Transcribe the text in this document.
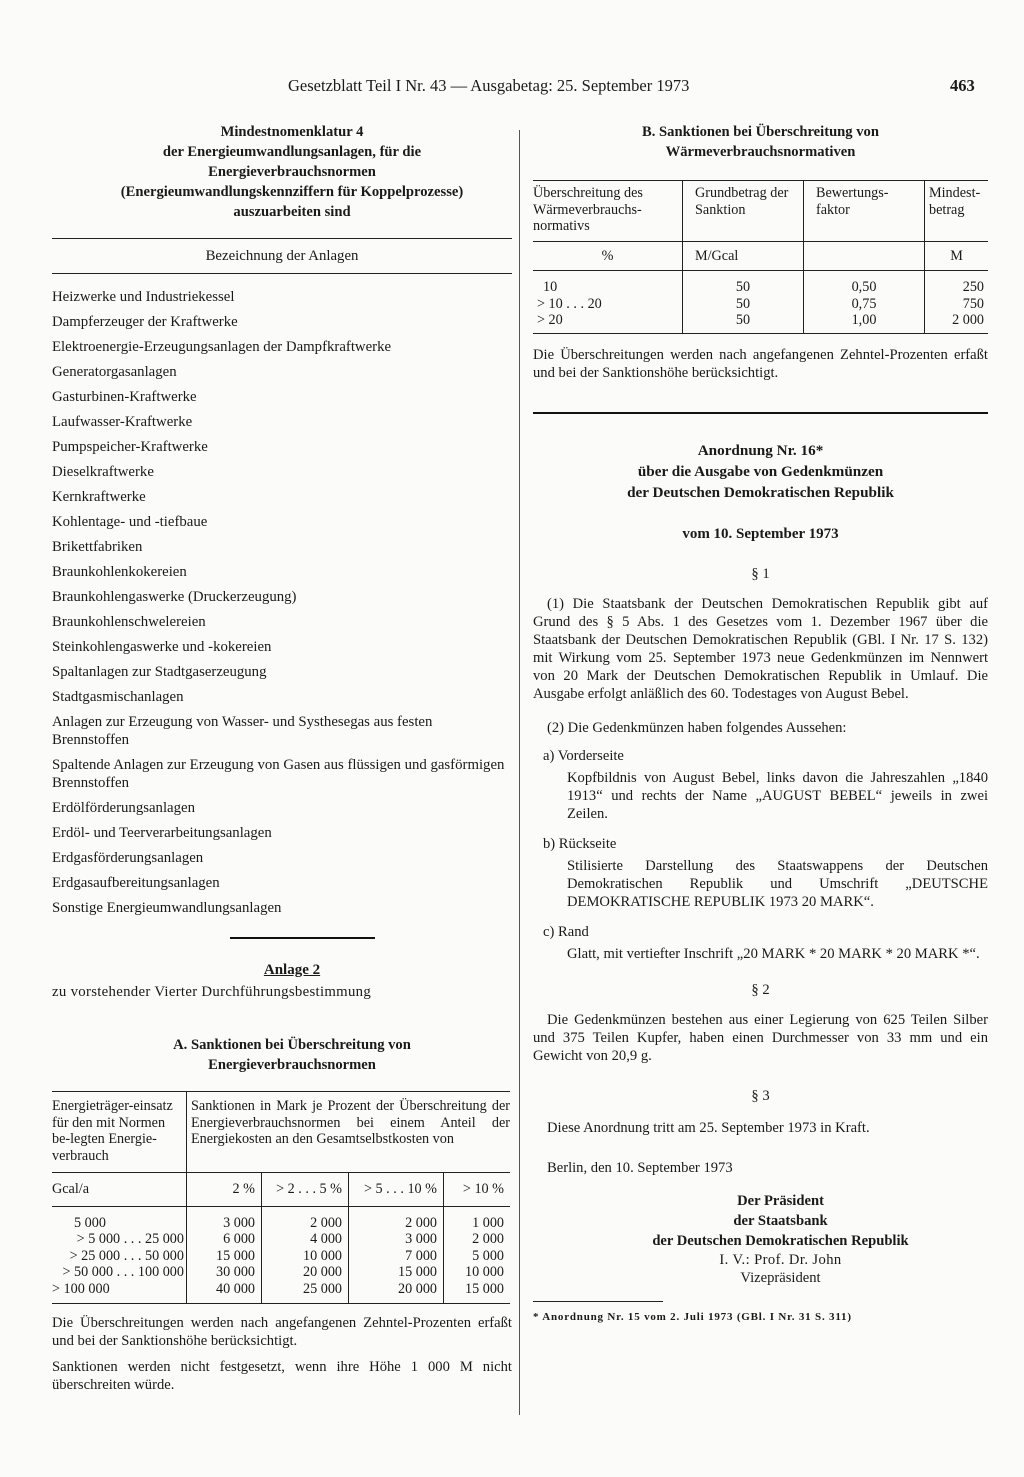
Gesetzblatt Teil I Nr. 43 — Ausgabetag: 25. September 1973	463
Mindestnomenklatur 4
der Energieumwandlungsanlagen, für die
Energieverbrauchsnormen
(Energieumwandlungskennziffern für Koppelprozesse)
auszuarbeiten sind
Bezeichnung der Anlagen
Heizwerke und Industriekessel
Dampferzeuger der Kraftwerke
Elektroenergie-Erzeugungsanlagen der Dampfkraftwerke
Generatorgasanlagen
Gasturbinen-Kraftwerke
Laufwasser-Kraftwerke
Pumpspeicher-Kraftwerke
Dieselkraftwerke
Kernkraftwerke
Kohlentage- und -tiefbaue
Brikettfabriken
Braunkohlenkokereien
Braunkohlengaswerke (Druckerzeugung)
Braunkohlenschwelereien
Steinkohlengaswerke und -kokereien
Spaltanlagen zur Stadtgaserzeugung
Stadtgasmischanlagen
Anlagen zur Erzeugung von Wasser- und Systhesegas aus festen Brennstoffen
Spaltende Anlagen zur Erzeugung von Gasen aus flüssigen und gasförmigen Brennstoffen
Erdölförderungsanlagen
Erdöl- und Teerverarbeitungsanlagen
Erdgasförderungsanlagen
Erdgasaufbereitungsanlagen
Sonstige Energieumwandlungsanlagen
Anlage 2
zu vorstehender Vierter Durchführungsbestimmung
A. Sanktionen bei Überschreitung von
Energieverbrauchsnormen
Energieträger-einsatz für den mit Normen be-legten Energie-verbrauch	Sanktionen in Mark je Prozent der Überschreitung der Energieverbrauchsnormen bei einem Anteil der Energiekosten an den Gesamtselbstkosten von			
Gcal/a	2 %	> 2 . . . 5 %	> 5 . . . 10 %	> 10 %
5 000	3 000	2 000	2 000	1 000
> 5 000 . . . 25 000	6 000	4 000	3 000	2 000
> 25 000 . . . 50 000	15 000	10 000	7 000	5 000
> 50 000 . . . 100 000	30 000	20 000	15 000	10 000
> 100 000	40 000	25 000	20 000	15 000
Die Überschreitungen werden nach angefangenen Zehntel-Prozenten erfaßt und bei der Sanktionshöhe berücksichtigt.
Sanktionen werden nicht festgesetzt, wenn ihre Höhe 1 000 M nicht überschreiten würde.
B. Sanktionen bei Überschreitung von
Wärmeverbrauchsnormativen
Überschreitung des Wärmeverbrauchs-normativs	Grundbetrag der Sanktion	Bewertungs-faktor	Mindest-betrag
%	M/Gcal		M
10	50	0,50	250
> 10 . . . 20	50	0,75	750
> 20	50	1,00	2 000
Die Überschreitungen werden nach angefangenen Zehntel-Prozenten erfaßt und bei der Sanktionshöhe berücksichtigt.
Anordnung Nr. 16*
über die Ausgabe von Gedenkmünzen
der Deutschen Demokratischen Republik
vom 10. September 1973
§ 1
(1) Die Staatsbank der Deutschen Demokratischen Republik gibt auf Grund des § 5 Abs. 1 des Gesetzes vom 1. Dezember 1967 über die Staatsbank der Deutschen Demokratischen Republik (GBl. I Nr. 17 S. 132) mit Wirkung vom 25. September 1973 neue Gedenkmünzen im Nennwert von 20 Mark der Deutschen Demokratischen Republik in Umlauf. Die Ausgabe erfolgt anläßlich des 60. Todestages von August Bebel.
(2) Die Gedenkmünzen haben folgendes Aussehen:
a) Vorderseite
Kopfbildnis von August Bebel, links davon die Jahreszahlen „1840 1913“ und rechts der Name „AUGUST BEBEL“ jeweils in zwei Zeilen.
b) Rückseite
Stilisierte Darstellung des Staatswappens der Deutschen Demokratischen Republik und Umschrift „DEUTSCHE DEMOKRATISCHE REPUBLIK 1973 20 MARK“.
c) Rand
Glatt, mit vertiefter Inschrift „20 MARK * 20 MARK * 20 MARK *“.
§ 2
Die Gedenkmünzen bestehen aus einer Legierung von 625 Teilen Silber und 375 Teilen Kupfer, haben einen Durchmesser von 33 mm und ein Gewicht von 20,9 g.
§ 3
Diese Anordnung tritt am 25. September 1973 in Kraft.
Berlin, den 10. September 1973
Der Präsident
der Staatsbank
der Deutschen Demokratischen Republik
I. V.: Prof. Dr. John
Vizepräsident
* Anordnung Nr. 15 vom 2. Juli 1973 (GBl. I Nr. 31 S. 311)
